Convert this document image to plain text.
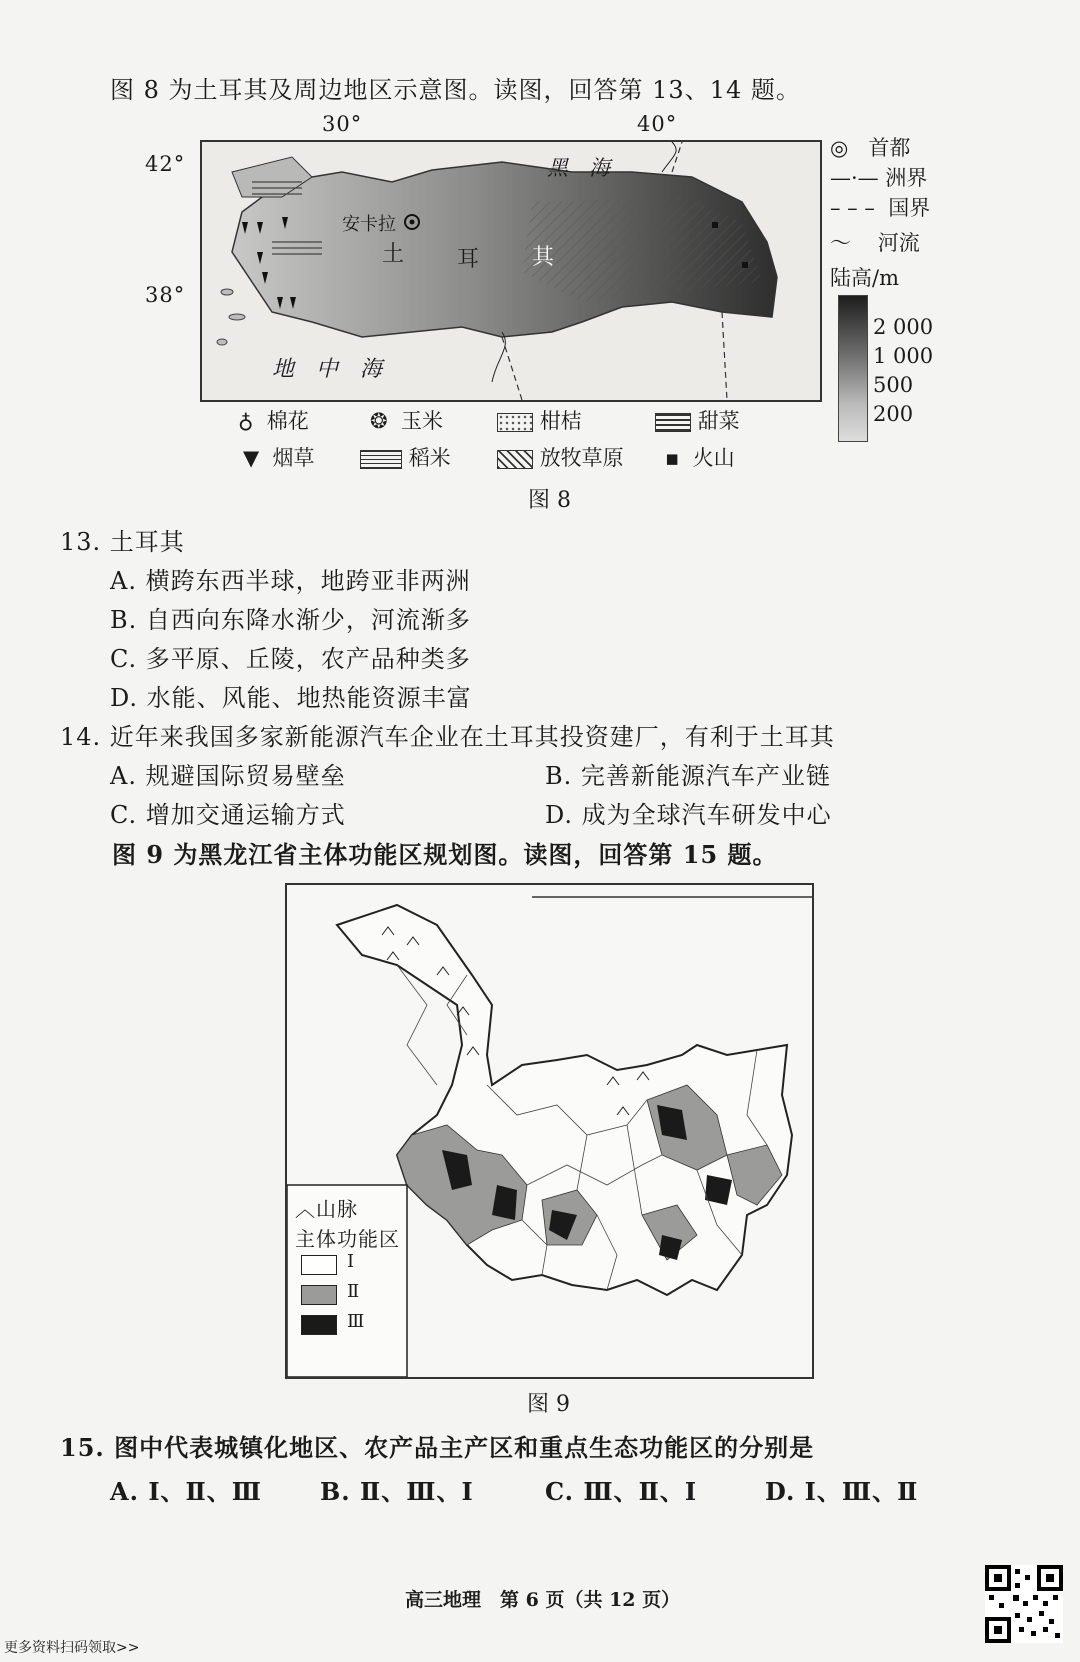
图 8 为土耳其及周边地区示意图。读图，回答第 13、14 题。
30°	40°
42°
38°
黑　海
地　中　海
安卡拉
土 耳 其
◎ 首都
—·— 洲界
– – – 国界
～ 河流
陆高/m
2 000
1 000
500
200
♁ 棉花	❂ 玉米	柑桔	甜菜
▼ 烟草	稻米	放牧草原 ▪ 火山
图 8
13. 土耳其
A. 横跨东西半球，地跨亚非两洲
B. 自西向东降水渐少，河流渐多
C. 多平原、丘陵，农产品种类多
D. 水能、风能、地热能资源丰富
14. 近年来我国多家新能源汽车企业在土耳其投资建厂，有利于土耳其
A. 规避国际贸易壁垒	B. 完善新能源汽车产业链
C. 增加交通运输方式	D. 成为全球汽车研发中心
图 9 为黑龙江省主体功能区规划图。读图，回答第 15 题。
︿山脉
主体功能区
Ⅰ
Ⅱ
Ⅲ
图 9
15. 图中代表城镇化地区、农产品主产区和重点生态功能区的分别是
A. Ⅰ、Ⅱ、Ⅲ B. Ⅱ、Ⅲ、Ⅰ	C. Ⅲ、Ⅱ、Ⅰ	D. Ⅰ、Ⅲ、Ⅱ
高三地理　第 6 页（共 12 页）
更多资料扫码领取>>
